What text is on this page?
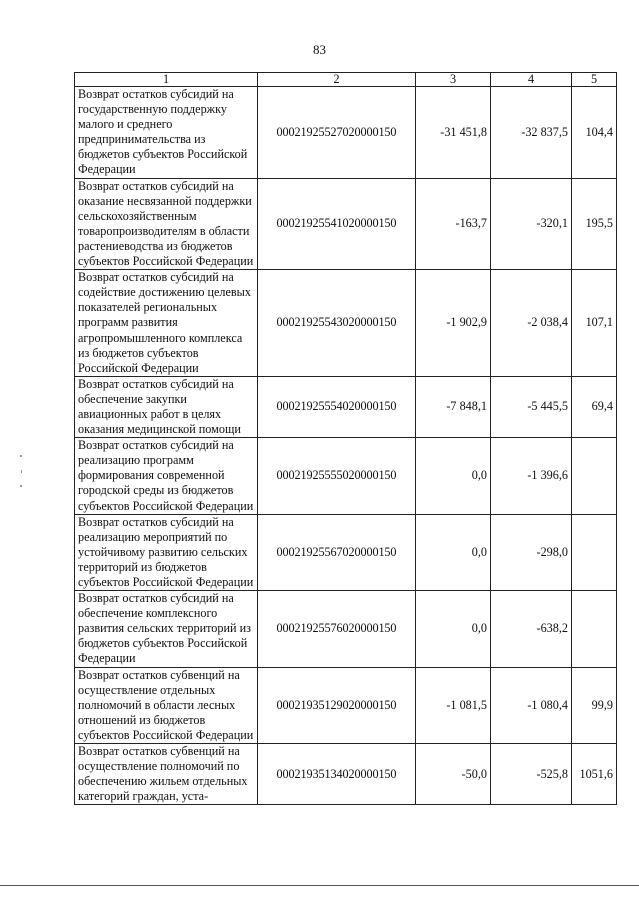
83
1	2	3	4	5
Возврат остатков субсидий на государственную поддержку малого и среднего предпринимательства из бюджетов субъектов Российской Федерации	00021925527020000150	-31 451,8	-32 837,5	104,4
Возврат остатков субсидий на оказание несвязанной поддержки сельскохозяйственным товаропроизводителям в области растениеводства из бюджетов субъектов Российской Федерации	00021925541020000150	-163,7	-320,1	195,5
Возврат остатков субсидий на содействие достижению целевых показателей региональных программ развития агропромышленного комплекса из бюджетов субъектов Российской Федерации	00021925543020000150	-1 902,9	-2 038,4	107,1
Возврат остатков субсидий на обеспечение закупки авиационных работ в целях оказания медицинской помощи	00021925554020000150	-7 848,1	-5 445,5	69,4
Возврат остатков субсидий на реализацию программ формирования современной городской среды из бюджетов субъектов Российской Федерации	00021925555020000150	0,0	-1 396,6	
Возврат остатков субсидий на реализацию мероприятий по устойчивому развитию сельских территорий из бюджетов субъектов Российской Федерации	00021925567020000150	0,0	-298,0	
Возврат остатков субсидий на обеспечение комплексного развития сельских территорий из бюджетов субъектов Российской Федерации	00021925576020000150	0,0	-638,2	
Возврат остатков субвенций на осуществление отдельных полномочий в области лесных отношений из бюджетов субъектов Российской Федерации	00021935129020000150	-1 081,5	-1 080,4	99,9
Возврат остатков субвенций на осуществление полномочий по обеспечению жильем отдельных категорий граждан, уста-	00021935134020000150	-50,0	-525,8	1051,6
